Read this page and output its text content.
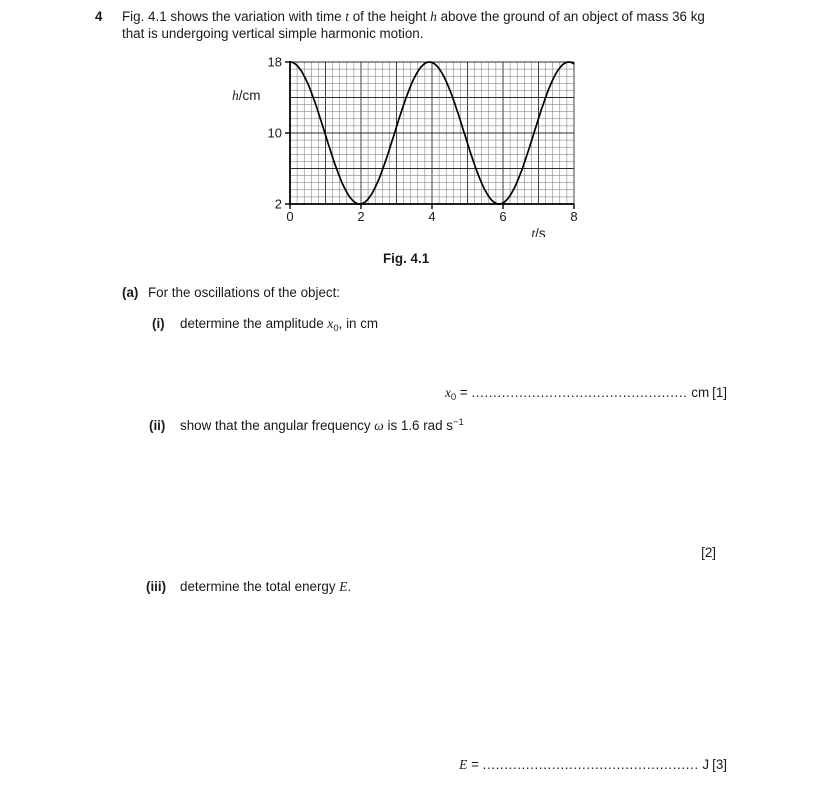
4 Fig. 4.1 shows the variation with time t of the height h above the ground of an object of mass 36 kg
that is undergoing vertical simple harmonic motion.
2
10
18
0	2	4	6	8
h/cm
t/s
Fig. 4.1
(a) For the oscillations of the object:
(i) determine the amplitude $x_0$, in cm
$x_0$ = .................................................. cm [1]
(ii) show that the angular frequency ω is 1.6 rad $s^{-1}$
[2]
(iii) determine the total energy E.
E = .................................................. J [3]
